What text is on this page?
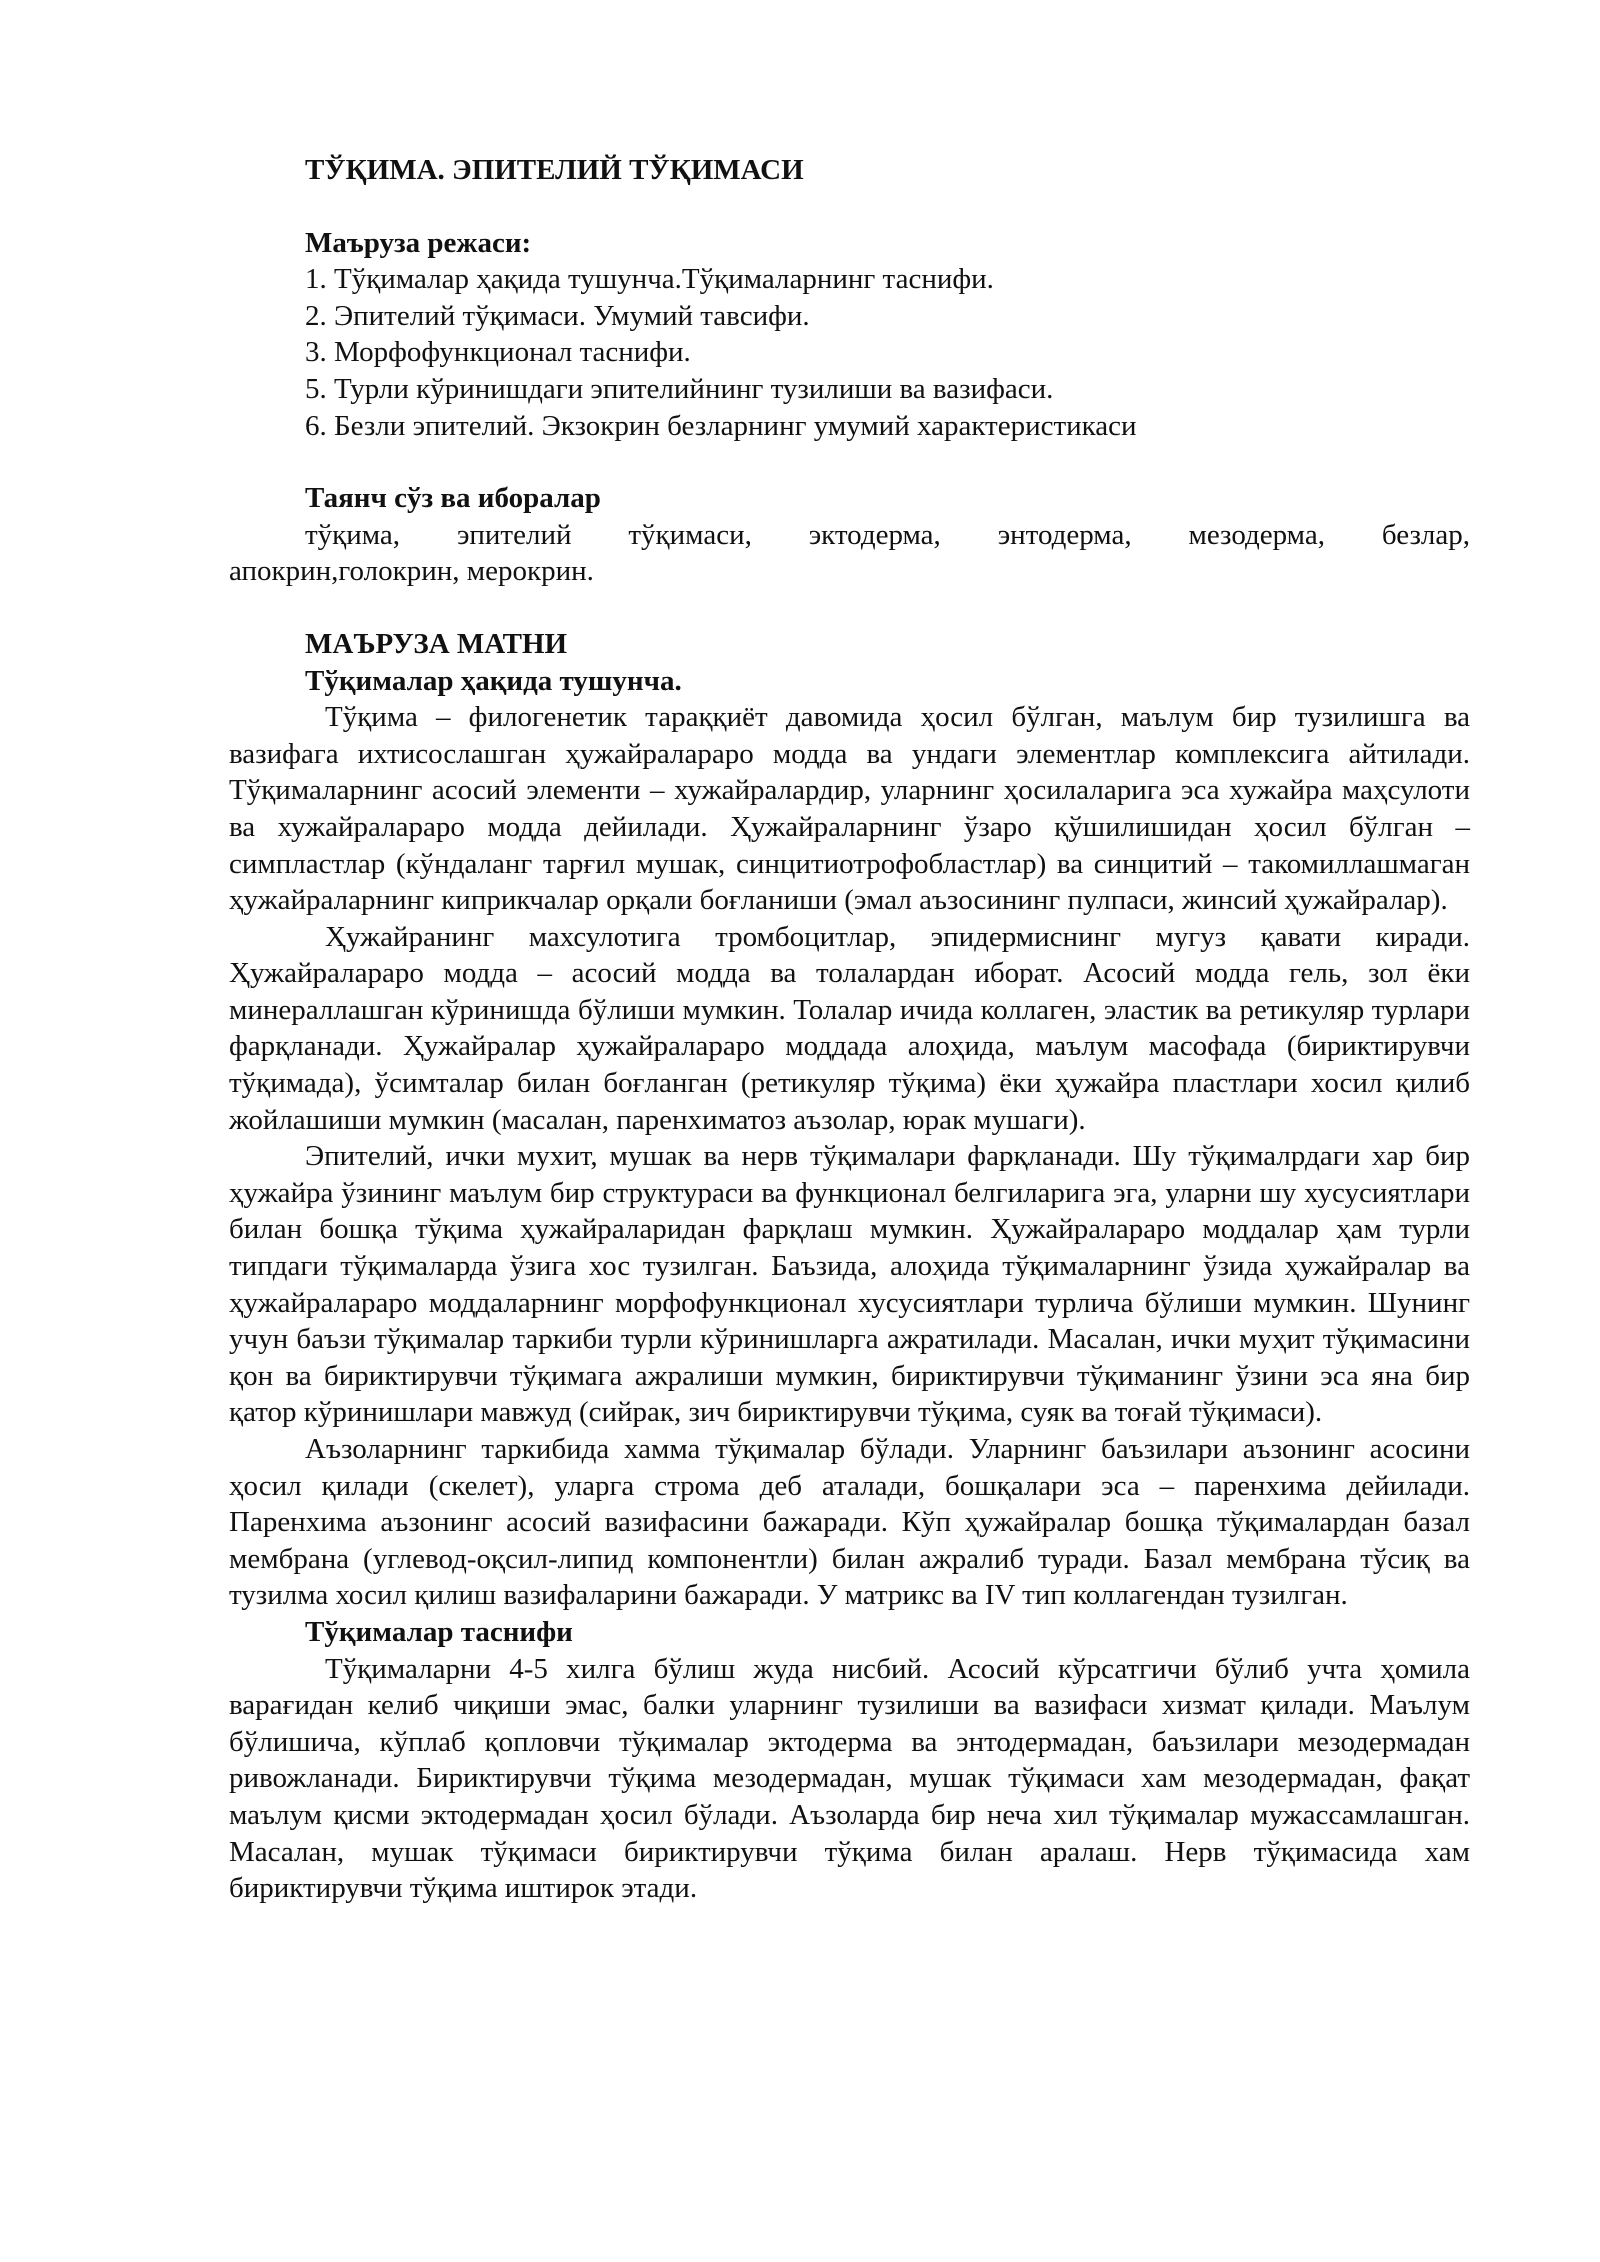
ТЎҚИМА. ЭПИТЕЛИЙ ТЎҚИМАСИ

Маъруза режаси:

1. Тўқималар ҳақида тушунча.Тўқималарнинг таснифи.
2. Эпителий тўқимаси. Умумий тавсифи.
3. Морфофункционал таснифи.
5. Турли кўринишдаги эпителийнинг тузилиши ва вазифаси.
6. Безли эпителий. Экзокрин безларнинг умумий характеристикаси

Таянч сўз ва иборалар

тўқима, эпителий тўқимаси, эктодерма, энтодерма, мезодерма, безлар,

апокрин,голокрин, мерокрин.

МАЪРУЗА МАТНИ

Тўқималар ҳақида тушунча.

Тўқима – филогенетик тараққиёт давомида ҳосил бўлган, маълум бир тузилишга ва вазифага ихтисослашган ҳужайралараро модда ва ундаги элементлар комплексига айтилади. Тўқималарнинг асосий элементи – хужайралардир, уларнинг ҳосилаларига эса хужайра маҳсулоти ва хужайралараро модда дейилади. Ҳужайраларнинг ўзаро қўшилишидан ҳосил бўлган – симпластлар (кўндаланг тарғил мушак, синцитиотрофобластлар) ва синцитий – такомиллашмаган ҳужайраларнинг киприкчалар орқали боғланиши (эмал аъзосининг пулпаси, жинсий ҳужайралар).

Ҳужайранинг махсулотига тромбоцитлар, эпидермиснинг мугуз қавати киради. Ҳужайралараро модда – асосий модда ва толалардан иборат. Асосий модда гель, зол ёки минераллашган кўринишда бўлиши мумкин. Толалар ичида коллаген, эластик ва ретикуляр турлари фарқланади. Ҳужайралар ҳужайралараро моддада алоҳида, маълум масофада (бириктирувчи тўқимада), ўсимталар билан боғланган (ретикуляр тўқима) ёки ҳужайра пластлари хосил қилиб жойлашиши мумкин (масалан, паренхиматоз аъзолар, юрак мушаги).

Эпителий, ички мухит, мушак ва нерв тўқималари фарқланади. Шу тўқималрдаги хар бир ҳужайра ўзининг маълум бир структураси ва функционал белгиларига эга, уларни шу хусусиятлари билан бошқа тўқима ҳужайраларидан фарқлаш мумкин. Ҳужайралараро моддалар ҳам турли типдаги тўқималарда ўзига хос тузилган. Баъзида, алоҳида тўқималарнинг ўзида ҳужайралар ва ҳужайралараро моддаларнинг морфофункционал хусусиятлари турлича бўлиши мумкин. Шунинг учун баъзи тўқималар таркиби турли кўринишларга ажратилади. Масалан, ички муҳит тўқимасини қон ва бириктирувчи тўқимага ажралиши мумкин, бириктирувчи тўқиманинг ўзини эса яна бир қатор кўринишлари мавжуд (сийрак, зич бириктирувчи тўқима, суяк ва тоғай тўқимаси).

Аъзоларнинг таркибида хамма тўқималар бўлади. Уларнинг баъзилари аъзонинг асосини ҳосил қилади (скелет), уларга строма деб аталади, бошқалари эса – паренхима дейилади. Паренхима аъзонинг асосий вазифасини бажаради. Кўп ҳужайралар бошқа тўқималардан базал мембрана (углевод-оқсил-липид компонентли) билан ажралиб туради. Базал мембрана тўсиқ ва тузилма хосил қилиш вазифаларини бажаради. У матрикс ва IV тип коллагендан тузилган.

Тўқималар таснифи

Тўқималарни 4-5 хилга бўлиш жуда нисбий. Асосий кўрсатгичи бўлиб учта ҳомила варағидан келиб чиқиши эмас, балки уларнинг тузилиши ва вазифаси хизмат қилади. Маълум бўлишича, кўплаб қопловчи тўқималар эктодерма ва энтодермадан, баъзилари мезодермадан ривожланади. Бириктирувчи тўқима мезодермадан, мушак тўқимаси хам мезодермадан, фақат маълум қисми эктодермадан ҳосил бўлади. Аъзоларда бир неча хил тўқималар мужассамлашган. Масалан, мушак тўқимаси бириктирувчи тўқима билан аралаш. Нерв тўқимасида хам бириктирувчи тўқима иштирок этади.
